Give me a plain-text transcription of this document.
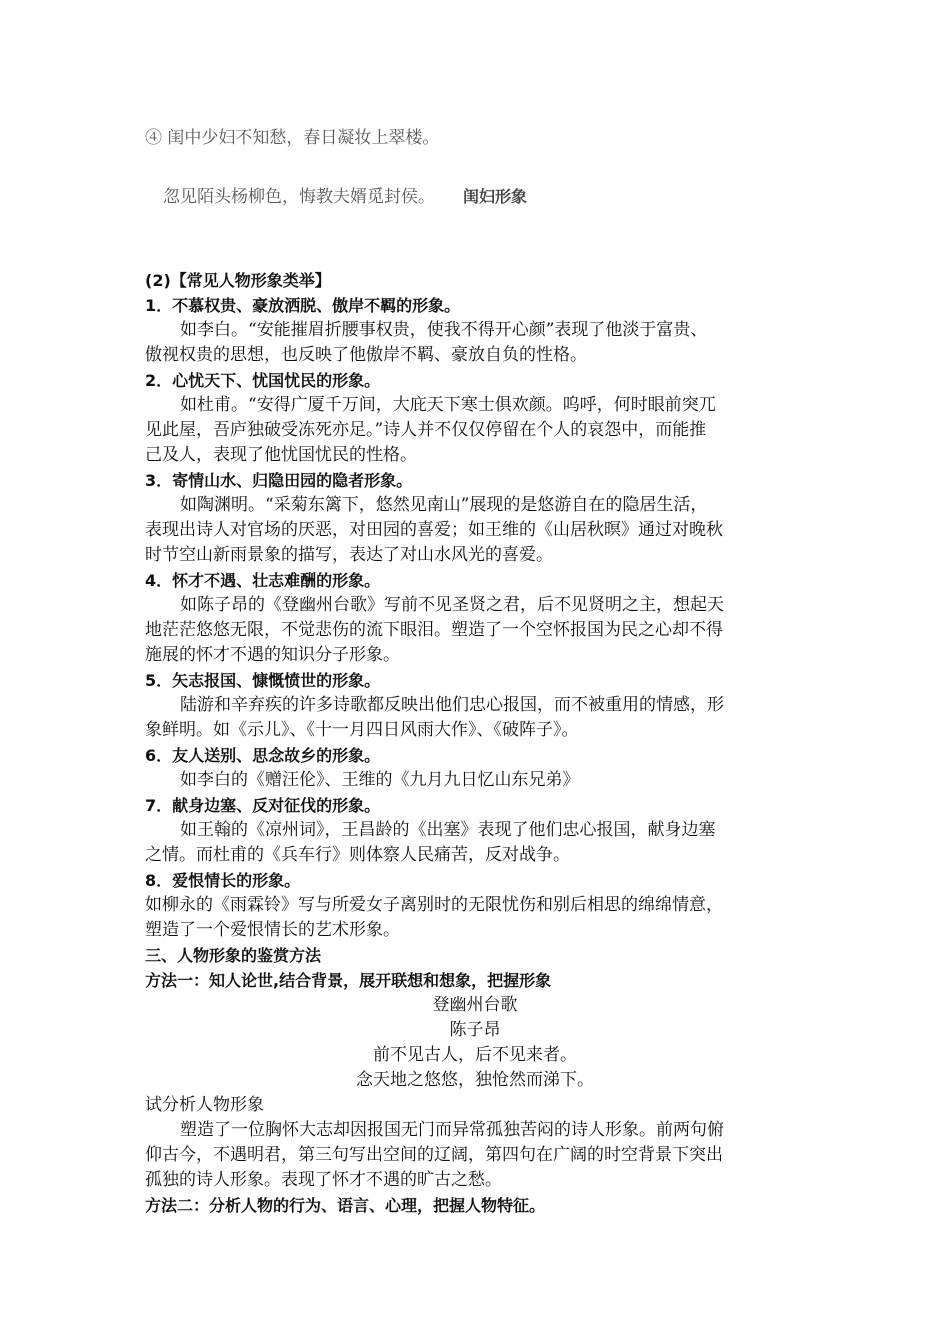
④ 闺中少妇不知愁，春日凝妆上翠楼。
忽见陌头杨柳色，悔教夫婿觅封侯。 闺妇形象
(2)【常见人物形象类举】
1．不慕权贵、豪放洒脱、傲岸不羁的形象。
如李白。“安能摧眉折腰事权贵，使我不得开心颜”表现了他淡于富贵、
傲视权贵的思想，也反映了他傲岸不羁、豪放自负的性格。
2．心忧天下、忧国忧民的形象。
如杜甫。“安得广厦千万间，大庇天下寒士俱欢颜。呜呼，何时眼前突兀
见此屋，吾庐独破受冻死亦足。”诗人并不仅仅停留在个人的哀怨中，而能推
己及人，表现了他忧国忧民的性格。
3．寄情山水、归隐田园的隐者形象。
如陶渊明。“采菊东篱下，悠然见南山”展现的是悠游自在的隐居生活，
表现出诗人对官场的厌恶，对田园的喜爱；如王维的《山居秋暝》通过对晚秋
时节空山新雨景象的描写，表达了对山水风光的喜爱。
4．怀才不遇、壮志难酬的形象。
如陈子昂的《登幽州台歌》写前不见圣贤之君，后不见贤明之主，想起天
地茫茫悠悠无限，不觉悲伤的流下眼泪。塑造了一个空怀报国为民之心却不得
施展的怀才不遇的知识分子形象。
5．矢志报国、慷慨愤世的形象。
陆游和辛弃疾的许多诗歌都反映出他们忠心报国，而不被重用的情感，形
象鲜明。如《示儿》、《十一月四日风雨大作》、《破阵子》。
6．友人送别、思念故乡的形象。
如李白的《赠汪伦》、王维的《九月九日忆山东兄弟》
7．献身边塞、反对征伐的形象。
如王翰的《凉州词》，王昌龄的《出塞》表现了他们忠心报国，献身边塞
之情。而杜甫的《兵车行》则体察人民痛苦，反对战争。
8．爱恨情长的形象。
如柳永的《雨霖铃》写与所爱女子离别时的无限忧伤和别后相思的绵绵情意，
塑造了一个爱恨情长的艺术形象。
三、人物形象的鉴赏方法
方法一：知人论世,结合背景，展开联想和想象，把握形象
登幽州台歌
陈子昂
前不见古人，后不见来者。
念天地之悠悠，独怆然而涕下。
试分析人物形象
塑造了一位胸怀大志却因报国无门而异常孤独苦闷的诗人形象。前两句俯
仰古今，不遇明君，第三句写出空间的辽阔，第四句在广阔的时空背景下突出
孤独的诗人形象。表现了怀才不遇的旷古之愁。
方法二：分析人物的行为、语言、心理，把握人物特征。
